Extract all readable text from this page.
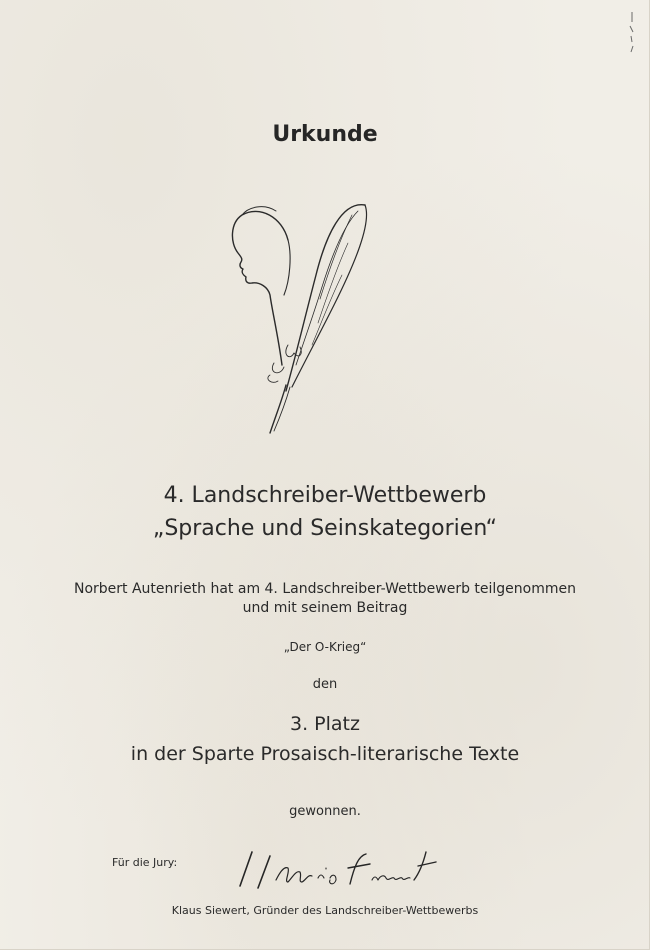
Urkunde

4. Landschreiber-Wettbewerb

„Sprache und Seinskategorien“

Norbert Autenrieth hat am 4. Landschreiber-Wettbewerb teilgenommen

und mit seinem Beitrag

„Der O-Krieg“

den

3. Platz

in der Sparte Prosaisch-literarische Texte

gewonnen.

Für die Jury:

Klaus Siewert, Gründer des Landschreiber-Wettbewerbs
